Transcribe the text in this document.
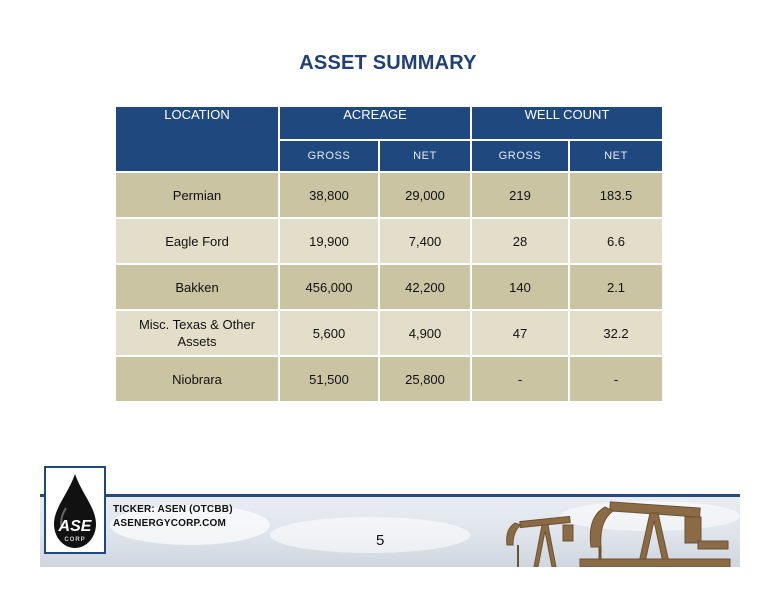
ASSET SUMMARY
LOCATION	ACREAGE		WELL COUNT	
	GROSS	NET	GROSS	NET
Permian	38,800	29,000	219	183.5
Eagle Ford	19,900	7,400	28	6.6
Bakken	456,000	42,200	140	2.1
Misc. Texas & Other
Assets	5,600	4,900	47	32.2
Niobrara	51,500	25,800	-	-
ASE
CORP
TICKER: ASEN (OTCBB)
ASENERGYCORP.COM
5
